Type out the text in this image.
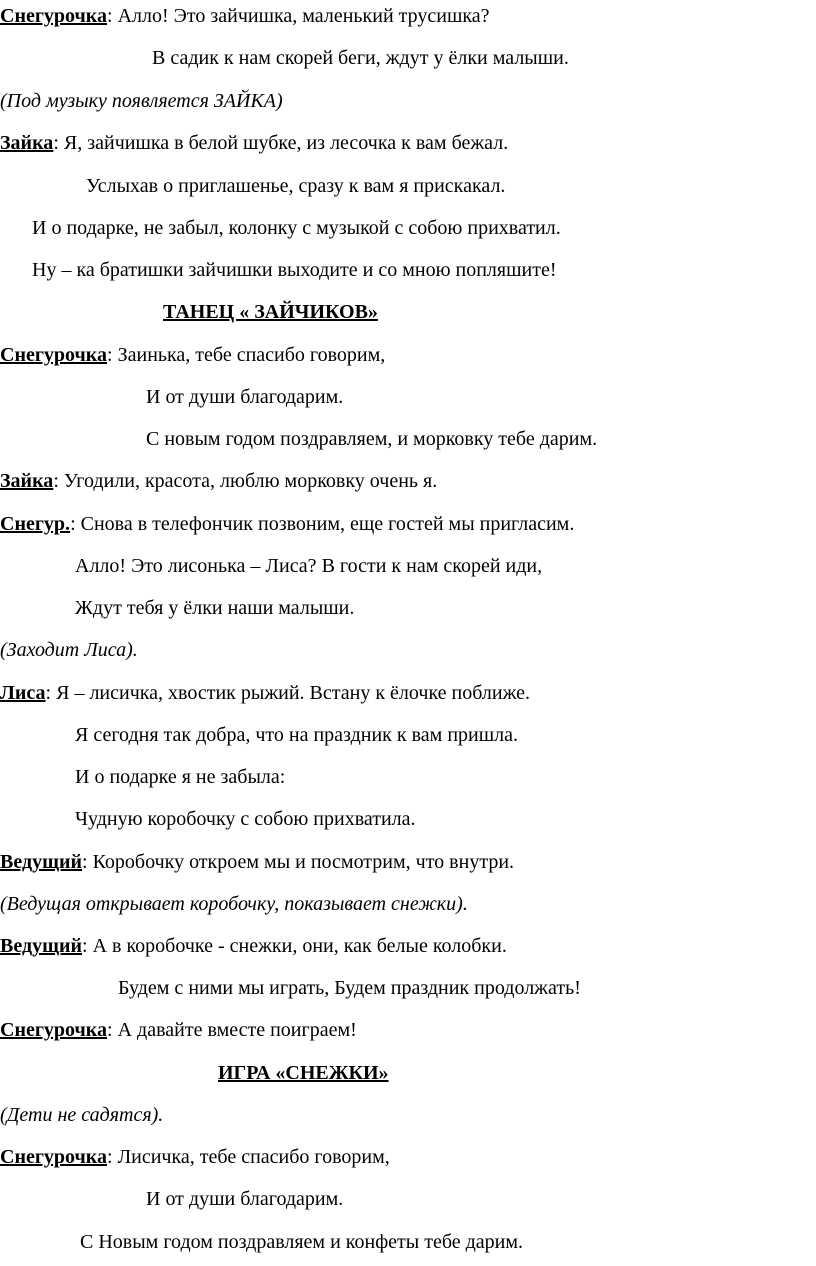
Снегурочка: Алло! Это зайчишка, маленький трусишка?
В садик к нам скорей беги, ждут у ёлки малыши.
(Под музыку появляется ЗАЙКА)
Зайка: Я, зайчишка в белой шубке, из лесочка к вам бежал.
Услыхав о приглашенье, сразу к вам я прискакал.
И о подарке, не забыл, колонку с музыкой с собою прихватил.
Ну – ка братишки зайчишки выходите и со мною попляшите!
ТАНЕЦ « ЗАЙЧИКОВ»
Снегурочка: Заинька, тебе спасибо говорим,
И от души благодарим.
С новым годом поздравляем, и морковку тебе дарим.
Зайка: Угодили, красота, люблю морковку очень я.
Снегур.: Снова в телефончик позвоним, еще гостей мы пригласим.
Алло! Это лисонька – Лиса? В гости к нам скорей иди,
Ждут тебя у ёлки наши малыши.
(Заходит Лиса).
Лиса: Я – лисичка, хвостик рыжий. Встану к ёлочке поближе.
Я сегодня так добра, что на праздник к вам пришла.
И о подарке я не забыла:
Чудную коробочку с собою прихватила.
Ведущий: Коробочку откроем мы и посмотрим, что внутри.
(Ведущая открывает коробочку, показывает снежки).
Ведущий: А в коробочке - снежки, они, как белые колобки.
Будем с ними мы играть, Будем праздник продолжать!
Снегурочка: А давайте вместе поиграем!
ИГРА «СНЕЖКИ»
(Дети не садятся).
Снегурочка: Лисичка, тебе спасибо говорим,
И от души благодарим.
С Новым годом поздравляем и конфеты тебе дарим.
